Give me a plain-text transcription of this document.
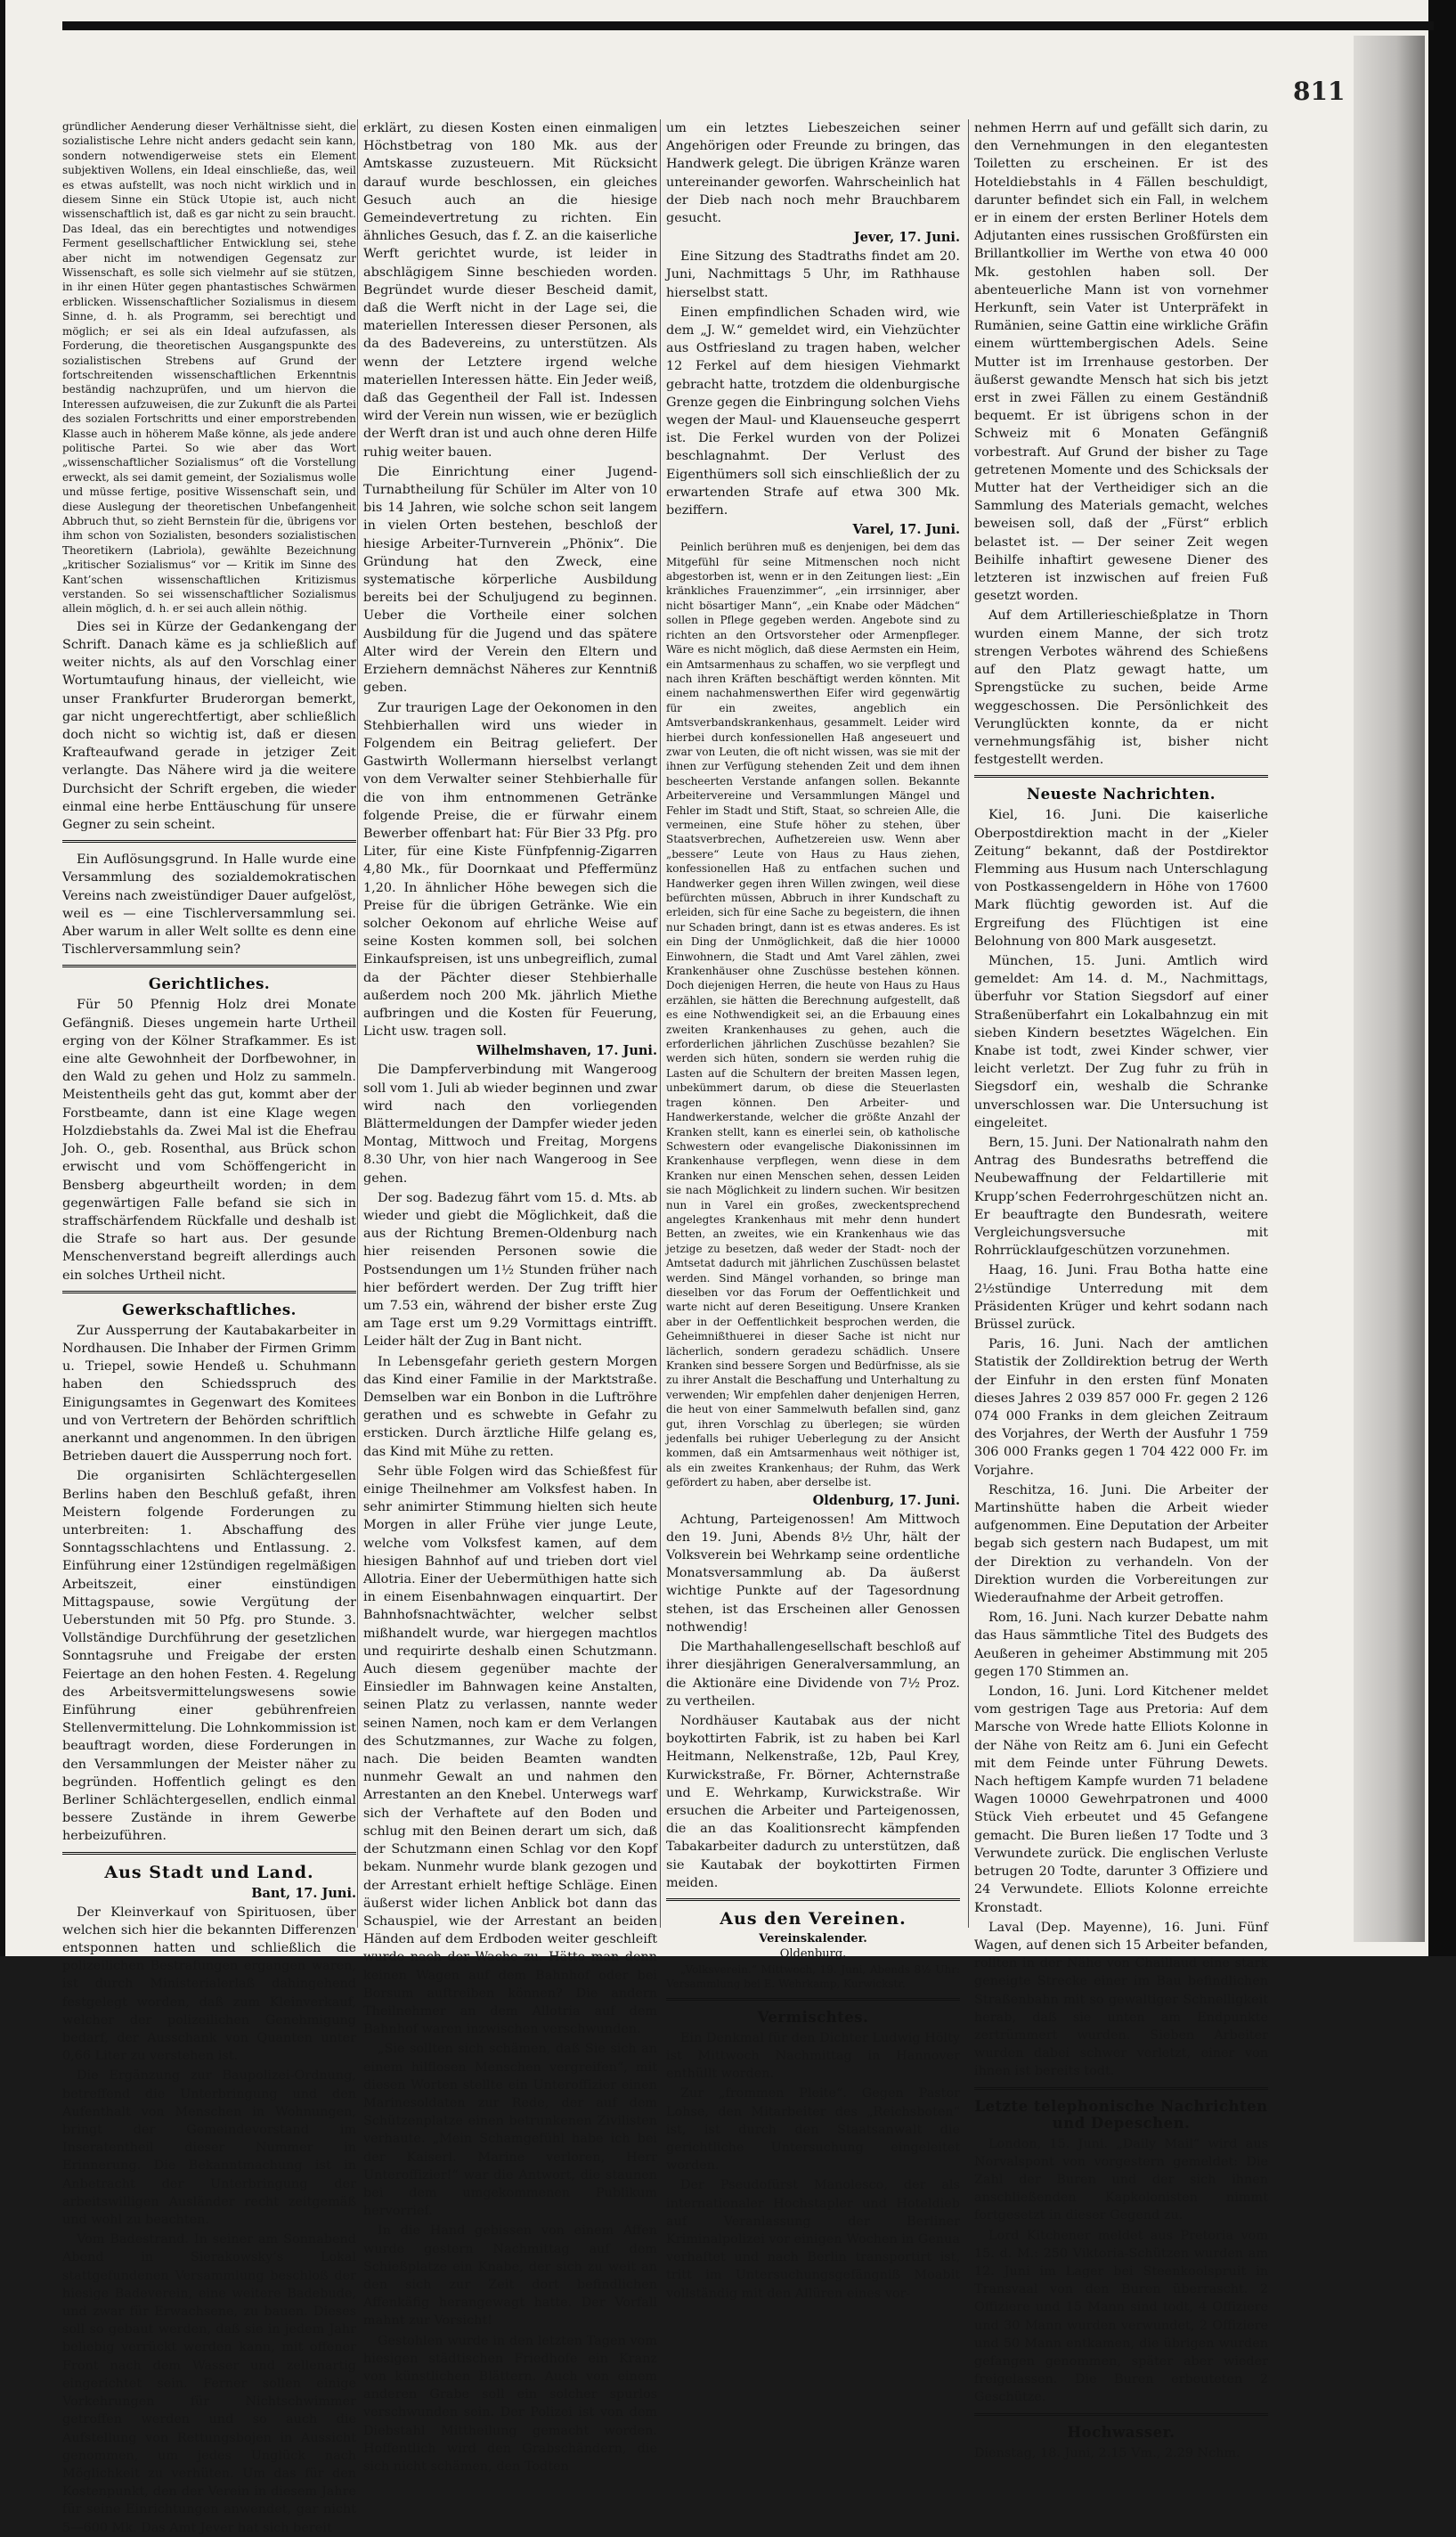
811

gründlicher Aenderung dieser Verhältnisse sieht, die sozialistische Lehre nicht anders gedacht sein kann, sondern notwendigerweise stets ein Element subjektiven Wollens, ein Ideal einschließe, das, weil es etwas aufstellt, was noch nicht wirklich und in diesem Sinne ein Stück Utopie ist, auch nicht wissenschaftlich ist, daß es gar nicht zu sein braucht. Das Ideal, das ein berechtigtes und notwendiges Ferment gesellschaftlicher Entwicklung sei, stehe aber nicht im notwendigen Gegensatz zur Wissenschaft, es solle sich vielmehr auf sie stützen, in ihr einen Hüter gegen phantastisches Schwärmen erblicken. Wissenschaftlicher Sozialismus in diesem Sinne, d. h. als Programm, sei berechtigt und möglich; er sei als ein Ideal aufzufassen, als Forderung, die theoretischen Ausgangspunkte des sozialistischen Strebens auf Grund der fortschreitenden wissenschaftlichen Erkenntnis beständig nachzuprüfen, und um hiervon die Interessen aufzuweisen, die zur Zukunft die als Partei des sozialen Fortschritts und einer emporstrebenden Klasse auch in höherem Maße könne, als jede andere politische Partei. So wie aber das Wort „wissenschaftlicher Sozialismus“ oft die Vorstellung erweckt, als sei damit gemeint, der Sozialismus wolle und müsse fertige, positive Wissenschaft sein, und diese Auslegung der theoretischen Unbefangenheit Abbruch thut, so zieht Bernstein für die, übrigens vor ihm schon von Sozialisten, besonders sozialistischen Theoretikern (Labriola), gewählte Bezeichnung „kritischer Sozialismus“ vor — Kritik im Sinne des Kant’schen wissenschaftlichen Kritizismus verstanden. So sei wissenschaftlicher Sozialismus allein möglich, d. h. er sei auch allein nöthig.

Dies sei in Kürze der Gedankengang der Schrift. Danach käme es ja schließlich auf weiter nichts, als auf den Vorschlag einer Wortumtaufung hinaus, der vielleicht, wie unser Frankfurter Bruderorgan bemerkt, gar nicht ungerechtfertigt, aber schließlich doch nicht so wichtig ist, daß er diesen Krafteaufwand gerade in jetziger Zeit verlangte. Das Nähere wird ja die weitere Durchsicht der Schrift ergeben, die wieder einmal eine herbe Enttäuschung für unsere Gegner zu sein scheint.

Ein Auflösungsgrund. In Halle wurde eine Versammlung des sozialdemokratischen Vereins nach zweistündiger Dauer aufgelöst, weil es — eine Tischlerversammlung sei. Aber warum in aller Welt sollte es denn eine Tischlerversammlung sein?

Gerichtliches.

Für 50 Pfennig Holz drei Monate Gefängniß. Dieses ungemein harte Urtheil erging von der Kölner Strafkammer. Es ist eine alte Gewohnheit der Dorfbewohner, in den Wald zu gehen und Holz zu sammeln. Meistentheils geht das gut, kommt aber der Forstbeamte, dann ist eine Klage wegen Holzdiebstahls da. Zwei Mal ist die Ehefrau Joh. O., geb. Rosenthal, aus Brück schon erwischt und vom Schöffengericht in Bensberg abgeurtheilt worden; in dem gegenwärtigen Falle befand sie sich in straffschärfendem Rückfalle und deshalb ist die Strafe so hart aus. Der gesunde Menschenverstand begreift allerdings auch ein solches Urtheil nicht.

Gewerkschaftliches.

Zur Aussperrung der Kautabakarbeiter in Nordhausen. Die Inhaber der Firmen Grimm u. Triepel, sowie Hendeß u. Schuhmann haben den Schiedsspruch des Einigungsamtes in Gegenwart des Komitees und von Vertretern der Behörden schriftlich anerkannt und angenommen. In den übrigen Betrieben dauert die Aussperrung noch fort.

Die organisirten Schlächtergesellen Berlins haben den Beschluß gefaßt, ihren Meistern folgende Forderungen zu unterbreiten: 1. Abschaffung des Sonntagsschlachtens und Entlassung. 2. Einführung einer 12stündigen regelmäßigen Arbeitszeit, einer einstündigen Mittagspause, sowie Vergütung der Ueberstunden mit 50 Pfg. pro Stunde. 3. Vollständige Durchführung der gesetzlichen Sonntagsruhe und Freigabe der ersten Feiertage an den hohen Festen. 4. Regelung des Arbeitsvermittelungswesens sowie Einführung einer gebührenfreien Stellenvermittelung. Die Lohnkommission ist beauftragt worden, diese Forderungen in den Versammlungen der Meister näher zu begründen. Hoffentlich gelingt es den Berliner Schlächtergesellen, endlich einmal bessere Zustände in ihrem Gewerbe herbeizuführen.

Aus Stadt und Land.
Bant, 17. Juni.

Der Kleinverkauf von Spirituosen, über welchen sich hier die bekannten Differenzen entsponnen hatten und schließlich die polizeilichen Bestrafungen ergangen waren, ist durch Ministerialerlaß dahingehend festgelegt worden, daß zum Kleinverkauf, welcher der polizeilichen Genehmigung bedarf, der Ausschank von Quanten unter 0,66 Liter zu verstehen ist.

Die Ergänzung zur Baupolizei-Ordnung, betreffend die Unterbringung und den Aufenthalt von Menschen in Wohnungen, bringt der Gemeindevorstand im Inseratentheil dieser Nummer in Erinnerung. Die Bekanntmachung ist in Anbetracht der Unterbringung der arbeitswilligen Ausländer recht zeitgemäß und wohl zu beachten.

Vom Badestrand. In seiner am Sonnabend Abend in Sierakowsky’s Lokal stattgefundenen Versammlung beschloß der hiesige Badeverein, eine weitere Badebude, und zwar für Erwachsene, zu bauen. Dieses soll so gebaut werden, daß sie in jedem Jahr beliebig verrückt werden kann, mit offener Front nach dem Wasser und zellenartig eingerichtet sein. Ferner sollen einige Vorkehrungen für Nichtschwimmer getroffen werden und so auch die Aufstellung von Rettungsbojen in Aussicht genommen, um jedes Unglück nach Möglichkeit zu verhüten. Um das für den Kostenpunkt, den der Verein in diesem Jahre für seine Einrichtungen anwendet, gar nicht 5—600 Mk. Das Amt Jever hat sich bereit

erklärt, zu diesen Kosten einen einmaligen Höchstbetrag von 180 Mk. aus der Amtskasse zuzusteuern. Mit Rücksicht darauf wurde beschlossen, ein gleiches Gesuch auch an die hiesige Gemeindevertretung zu richten. Ein ähnliches Gesuch, das f. Z. an die kaiserliche Werft gerichtet wurde, ist leider in abschlägigem Sinne beschieden worden. Begründet wurde dieser Bescheid damit, daß die Werft nicht in der Lage sei, die materiellen Interessen dieser Personen, als da des Badevereins, zu unterstützen. Als wenn der Letztere irgend welche materiellen Interessen hätte. Ein Jeder weiß, daß das Gegentheil der Fall ist. Indessen wird der Verein nun wissen, wie er bezüglich der Werft dran ist und auch ohne deren Hilfe ruhig weiter bauen.

Die Einrichtung einer Jugend-Turnabtheilung für Schüler im Alter von 10 bis 14 Jahren, wie solche schon seit langem in vielen Orten bestehen, beschloß der hiesige Arbeiter-Turnverein „Phönix“. Die Gründung hat den Zweck, eine systematische körperliche Ausbildung bereits bei der Schuljugend zu beginnen. Ueber die Vortheile einer solchen Ausbildung für die Jugend und das spätere Alter wird der Verein den Eltern und Erziehern demnächst Näheres zur Kenntniß geben.

Zur traurigen Lage der Oekonomen in den Stehbierhallen wird uns wieder in Folgendem ein Beitrag geliefert. Der Gastwirth Wollermann hierselbst verlangt von dem Verwalter seiner Stehbierhalle für die von ihm entnommenen Getränke folgende Preise, die er fürwahr einem Bewerber offenbart hat: Für Bier 33 Pfg. pro Liter, für eine Kiste Fünfpfennig-Zigarren 4,80 Mk., für Doornkaat und Pfeffermünz 1,20. In ähnlicher Höhe bewegen sich die Preise für die übrigen Getränke. Wie ein solcher Oekonom auf ehrliche Weise auf seine Kosten kommen soll, bei solchen Einkaufspreisen, ist uns unbegreiflich, zumal da der Pächter dieser Stehbierhalle außerdem noch 200 Mk. jährlich Miethe aufbringen und die Kosten für Feuerung, Licht usw. tragen soll.

Wilhelmshaven, 17. Juni.

Die Dampferverbindung mit Wangeroog soll vom 1. Juli ab wieder beginnen und zwar wird nach den vorliegenden Blättermeldungen der Dampfer wieder jeden Montag, Mittwoch und Freitag, Morgens 8.30 Uhr, von hier nach Wangeroog in See gehen.

Der sog. Badezug fährt vom 15. d. Mts. ab wieder und giebt die Möglichkeit, daß die aus der Richtung Bremen-Oldenburg nach hier reisenden Personen sowie die Postsendungen um 1½ Stunden früher nach hier befördert werden. Der Zug trifft hier um 7.53 ein, während der bisher erste Zug am Tage erst um 9.29 Vormittags eintrifft. Leider hält der Zug in Bant nicht.

In Lebensgefahr gerieth gestern Morgen das Kind einer Familie in der Marktstraße. Demselben war ein Bonbon in die Luftröhre gerathen und es schwebte in Gefahr zu ersticken. Durch ärztliche Hilfe gelang es, das Kind mit Mühe zu retten.

Sehr üble Folgen wird das Schießfest für einige Theilnehmer am Volksfest haben. In sehr animirter Stimmung hielten sich heute Morgen in aller Frühe vier junge Leute, welche vom Volksfest kamen, auf dem hiesigen Bahnhof auf und trieben dort viel Allotria. Einer der Uebermüthigen hatte sich in einem Eisenbahnwagen einquartirt. Der Bahnhofsnachtwächter, welcher selbst mißhandelt wurde, war hiergegen machtlos und requirirte deshalb einen Schutzmann. Auch diesem gegenüber machte der Einsiedler im Bahnwagen keine Anstalten, seinen Platz zu verlassen, nannte weder seinen Namen, noch kam er dem Verlangen des Schutzmannes, zur Wache zu folgen, nach. Die beiden Beamten wandten nunmehr Gewalt an und nahmen den Arrestanten an den Knebel. Unterwegs warf sich der Verhaftete auf den Boden und schlug mit den Beinen derart um sich, daß der Schutzmann einen Schlag vor den Kopf bekam. Nunmehr wurde blank gezogen und der Arrestant erhielt heftige Schläge. Einen äußerst wider lichen Anblick bot dann das Schauspiel, wie der Arrestant an beiden Händen auf dem Erdboden weiter geschleift wurde nach der Wache zu. Hätte man denn keinen Wagen auf dem Bahnhof oder bei Borsum auftreiben können? Die andern Theilnehmer an dem Allotria auf dem Bahnhof waren inzwischen verschwunden.

„Sie sollten sich schämen, daß Sie sich an einem hilflosen Menschen vergreifen“, mit diesen Worten stellte ein Unteroffizier einen Marinesoldaten zur Rede, der auf dem Schützenplatze einen betrunkenen Zivilisten verhaute. „Mein Schamgefühl habe ich bei der Kaiserl. Marine verloren, Herr Unteroffizier!“ war die Antwort, die staunen bei dem umgekommenen Publikum hervorrief.

In die Hand gebissen von einem Affen wurde gestern Nachmittag auf dem Schießplatze ein Knabe, der sich zu weit an den sich zur Zeit dort befindlichen Affenkäfig herangewagt hatte. Der Vorfall mahnt zur Vorsicht!

Gestohlen wurde in den letzten Tagen vom hiesigen städtischen Friedhofe ein Kranz von künstlichen Blättern. Auch von einem anderen Grabe soll ein solcher spurlos verschwunden sein. Der Polizei ist von dem Diebstahl Mittheilung gemacht worden. Hoffentlich wird den Grabschändern, die sich nicht schämen, den Todten

um ein letztes Liebeszeichen seiner Angehörigen oder Freunde zu bringen, das Handwerk gelegt. Die übrigen Kränze waren untereinander geworfen. Wahrscheinlich hat der Dieb nach noch mehr Brauchbarem gesucht.

Jever, 17. Juni.

Eine Sitzung des Stadtraths findet am 20. Juni, Nachmittags 5 Uhr, im Rathhause hierselbst statt.

Einen empfindlichen Schaden wird, wie dem „J. W.“ gemeldet wird, ein Viehzüchter aus Ostfriesland zu tragen haben, welcher 12 Ferkel auf dem hiesigen Viehmarkt gebracht hatte, trotzdem die oldenburgische Grenze gegen die Einbringung solchen Viehs wegen der Maul- und Klauenseuche gesperrt ist. Die Ferkel wurden von der Polizei beschlagnahmt. Der Verlust des Eigenthümers soll sich einschließlich der zu erwartenden Strafe auf etwa 300 Mk. beziffern.

Varel, 17. Juni.

Peinlich berühren muß es denjenigen, bei dem das Mitgefühl für seine Mitmenschen noch nicht abgestorben ist, wenn er in den Zeitungen liest: „Ein kränkliches Frauenzimmer“, „ein irrsinniger, aber nicht bösartiger Mann“, „ein Knabe oder Mädchen“ sollen in Pflege gegeben werden. Angebote sind zu richten an den Ortsvorsteher oder Armenpfleger. Wäre es nicht möglich, daß diese Aermsten ein Heim, ein Amtsarmenhaus zu schaffen, wo sie verpflegt und nach ihren Kräften beschäftigt werden könnten. Mit einem nachahmenswerthen Eifer wird gegenwärtig für ein zweites, angeblich ein Amtsverbandskrankenhaus, gesammelt. Leider wird hierbei durch konfessionellen Haß angeseuert und zwar von Leuten, die oft nicht wissen, was sie mit der ihnen zur Verfügung stehenden Zeit und dem ihnen bescheerten Verstande anfangen sollen. Bekannte Arbeitervereine und Versammlungen Mängel und Fehler im Stadt und Stift, Staat, so schreien Alle, die vermeinen, eine Stufe höher zu stehen, über Staatsverbrechen, Aufhetzereien usw. Wenn aber „bessere“ Leute von Haus zu Haus ziehen, konfessionellen Haß zu entfachen suchen und Handwerker gegen ihren Willen zwingen, weil diese befürchten müssen, Abbruch in ihrer Kundschaft zu erleiden, sich für eine Sache zu begeistern, die ihnen nur Schaden bringt, dann ist es etwas anderes. Es ist ein Ding der Unmöglichkeit, daß die hier 10000 Einwohnern, die Stadt und Amt Varel zählen, zwei Krankenhäuser ohne Zuschüsse bestehen können. Doch diejenigen Herren, die heute von Haus zu Haus erzählen, sie hätten die Berechnung aufgestellt, daß es eine Nothwendigkeit sei, an die Erbauung eines zweiten Krankenhauses zu gehen, auch die erforderlichen jährlichen Zuschüsse bezahlen? Sie werden sich hüten, sondern sie werden ruhig die Lasten auf die Schultern der breiten Massen legen, unbekümmert darum, ob diese die Steuerlasten tragen können. Den Arbeiter- und Handwerkerstande, welcher die größte Anzahl der Kranken stellt, kann es einerlei sein, ob katholische Schwestern oder evangelische Diakonissinnen im Krankenhause verpflegen, wenn diese in dem Kranken nur einen Menschen sehen, dessen Leiden sie nach Möglichkeit zu lindern suchen. Wir besitzen nun in Varel ein großes, zweckentsprechend angelegtes Krankenhaus mit mehr denn hundert Betten, an zweites, wie ein Krankenhaus wie das jetzige zu besetzen, daß weder der Stadt- noch der Amtsetat dadurch mit jährlichen Zuschüssen belastet werden. Sind Mängel vorhanden, so bringe man dieselben vor das Forum der Oeffentlichkeit und warte nicht auf deren Beseitigung. Unsere Kranken aber in der Oeffentlichkeit besprochen werden, die Geheimnißthuerei in dieser Sache ist nicht nur lächerlich, sondern geradezu schädlich. Unsere Kranken sind bessere Sorgen und Bedürfnisse, als sie zu ihrer Anstalt die Beschaffung und Unterhaltung zu verwenden; Wir empfehlen daher denjenigen Herren, die heut von einer Sammelwuth befallen sind, ganz gut, ihren Vorschlag zu überlegen; sie würden jedenfalls bei ruhiger Ueberlegung zu der Ansicht kommen, daß ein Amtsarmenhaus weit nöthiger ist, als ein zweites Krankenhaus; der Ruhm, das Werk gefördert zu haben, aber derselbe ist.

Oldenburg, 17. Juni.

Achtung, Parteigenossen! Am Mittwoch den 19. Juni, Abends 8½ Uhr, hält der Volksverein bei Wehrkamp seine ordentliche Monatsversammlung ab. Da äußerst wichtige Punkte auf der Tagesordnung stehen, ist das Erscheinen aller Genossen nothwendig!

Die Marthahallengesellschaft beschloß auf ihrer diesjährigen Generalversammlung, an die Aktionäre eine Dividende von 7½ Proz. zu vertheilen.

Nordhäuser Kautabak aus der nicht boykottirten Fabrik, ist zu haben bei Karl Heitmann, Nelkenstraße, 12b, Paul Krey, Kurwickstraße, Fr. Börner, Achternstraße und E. Wehrkamp, Kurwickstraße. Wir ersuchen die Arbeiter und Parteigenossen, die an das Koalitionsrecht kämpfenden Tabakarbeiter dadurch zu unterstützen, daß sie Kautabak der boykottirten Firmen meiden.

Aus den Vereinen.
Vereinskalender.
Oldenburg.

„Volksverein.“ Mittwoch, 19. Juni, Abends 8½ Uhr: Versammlung bei E. Wehrkamp, Kurwickstr.

Vermischtes.

Ein Denkmal für den Dichter Ludwig Hölty ist Mittwoch Nachmittag in Hannover enthüllt worden.

Zur „frommen Pleite“. Gegen Pastor Lohse, den Mitarbeiter des „Reichsboten“ ist, ist durch den Staatsanwalt die gerichtliche Untersuchung eingeleitet worden.

Der Pseudofürst Manolesco, der als internationaler Hochstapler und Hoteldieb auf Veranlassung der Berliner Kriminalpolizei vor einigen Wochen in Genua verhaftet und nach Berlin transportirt ist, tritt im Untersuchungsgefängniß Moabit vollständig mit den Allüren eines vor-

nehmen Herrn auf und gefällt sich darin, zu den Vernehmungen in den elegantesten Toiletten zu erscheinen. Er ist des Hoteldiebstahls in 4 Fällen beschuldigt, darunter befindet sich ein Fall, in welchem er in einem der ersten Berliner Hotels dem Adjutanten eines russischen Großfürsten ein Brillantkollier im Werthe von etwa 40 000 Mk. gestohlen haben soll. Der abenteuerliche Mann ist von vornehmer Herkunft, sein Vater ist Unterpräfekt in Rumänien, seine Gattin eine wirkliche Gräfin einem württembergischen Adels. Seine Mutter ist im Irrenhause gestorben. Der äußerst gewandte Mensch hat sich bis jetzt erst in zwei Fällen zu einem Geständniß bequemt. Er ist übrigens schon in der Schweiz mit 6 Monaten Gefängniß vorbestraft. Auf Grund der bisher zu Tage getretenen Momente und des Schicksals der Mutter hat der Vertheidiger sich an die Sammlung des Materials gemacht, welches beweisen soll, daß der „Fürst“ erblich belastet ist. — Der seiner Zeit wegen Beihilfe inhaftirt gewesene Diener des letzteren ist inzwischen auf freien Fuß gesetzt worden.

Auf dem Artillerieschießplatze in Thorn wurden einem Manne, der sich trotz strengen Verbotes während des Schießens auf den Platz gewagt hatte, um Sprengstücke zu suchen, beide Arme weggeschossen. Die Persönlichkeit des Verunglückten konnte, da er nicht vernehmungsfähig ist, bisher nicht festgestellt werden.

Neueste Nachrichten.

Kiel, 16. Juni. Die kaiserliche Oberpostdirektion macht in der „Kieler Zeitung“ bekannt, daß der Postdirektor Flemming aus Husum nach Unterschlagung von Postkassengeldern in Höhe von 17600 Mark flüchtig geworden ist. Auf die Ergreifung des Flüchtigen ist eine Belohnung von 800 Mark ausgesetzt.

München, 15. Juni. Amtlich wird gemeldet: Am 14. d. M., Nachmittags, überfuhr vor Station Siegsdorf auf einer Straßenüberfahrt ein Lokalbahnzug ein mit sieben Kindern besetztes Wägelchen. Ein Knabe ist todt, zwei Kinder schwer, vier leicht verletzt. Der Zug fuhr zu früh in Siegsdorf ein, weshalb die Schranke unverschlossen war. Die Untersuchung ist eingeleitet.

Bern, 15. Juni. Der Nationalrath nahm den Antrag des Bundesraths betreffend die Neubewaffnung der Feldartillerie mit Krupp’schen Federrohrgeschützen nicht an. Er beauftragte den Bundesrath, weitere Vergleichungsversuche mit Rohrrücklaufgeschützen vorzunehmen.

Haag, 16. Juni. Frau Botha hatte eine 2½stündige Unterredung mit dem Präsidenten Krüger und kehrt sodann nach Brüssel zurück.

Paris, 16. Juni. Nach der amtlichen Statistik der Zolldirektion betrug der Werth der Einfuhr in den ersten fünf Monaten dieses Jahres 2 039 857 000 Fr. gegen 2 126 074 000 Franks in dem gleichen Zeitraum des Vorjahres, der Werth der Ausfuhr 1 759 306 000 Franks gegen 1 704 422 000 Fr. im Vorjahre.

Reschitza, 16. Juni. Die Arbeiter der Martinshütte haben die Arbeit wieder aufgenommen. Eine Deputation der Arbeiter begab sich gestern nach Budapest, um mit der Direktion zu verhandeln. Von der Direktion wurden die Vorbereitungen zur Wiederaufnahme der Arbeit getroffen.

Rom, 16. Juni. Nach kurzer Debatte nahm das Haus sämmtliche Titel des Budgets des Aeußeren in geheimer Abstimmung mit 205 gegen 170 Stimmen an.

London, 16. Juni. Lord Kitchener meldet vom gestrigen Tage aus Pretoria: Auf dem Marsche von Wrede hatte Elliots Kolonne in der Nähe von Reitz am 6. Juni ein Gefecht mit dem Feinde unter Führung Dewets. Nach heftigem Kampfe wurden 71 beladene Wagen 10000 Gewehrpatronen und 4000 Stück Vieh erbeutet und 45 Gefangene gemacht. Die Buren ließen 17 Todte und 3 Verwundete zurück. Die englischen Verluste betrugen 20 Todte, darunter 3 Offiziere und 24 Verwundete. Elliots Kolonne erreichte Kronstadt.

Laval (Dep. Mayenne), 16. Juni. Fünf Wagen, auf denen sich 15 Arbeiter befanden, rollten in der Nähe von Chaillaud eine stark geneigte Strecke einer im Bau befindlichen Straßenbahn mit so gewaltiger Schnelligkeit herab, daß sie unten am Endpunkte zertrümmert wurden. Sieben Arbeiter wurden dabei schwer verletzt, einer von ihnen ist bereits todt.

Letzte telephonische Nachrichten und Depeschen.

London, 15. Juni. „Daily Mail“ wird aus Norvalspont von vorgestern gemeldet: Die Zahl der Buren und der sich ihnen anschließenden Kapkolonisten nimmt fortgesetzt in dieser Gegend zu.

Lord Kitchener meldet aus Pretoria vom 15. d. M.: 250 Viktoria-Schützen wurden am 12. Juni im Lager bei Steenkoolspruit in Transvaal von den Buren überrascht. 2 Offiziere und 15 Mann sind todt, 4 Offiziere und 30 Mann wurden verwundet, 2 Offiziere und 50 Mann entkamen, die übrigen wurden gefangen genommen, später aber wieder freigelassen. Die Buren erbeuteten 2 Geschütze.

Hochwasser.

Dienstag, 18. Juni, 2.15 Vm., 2.29 Nchm.
